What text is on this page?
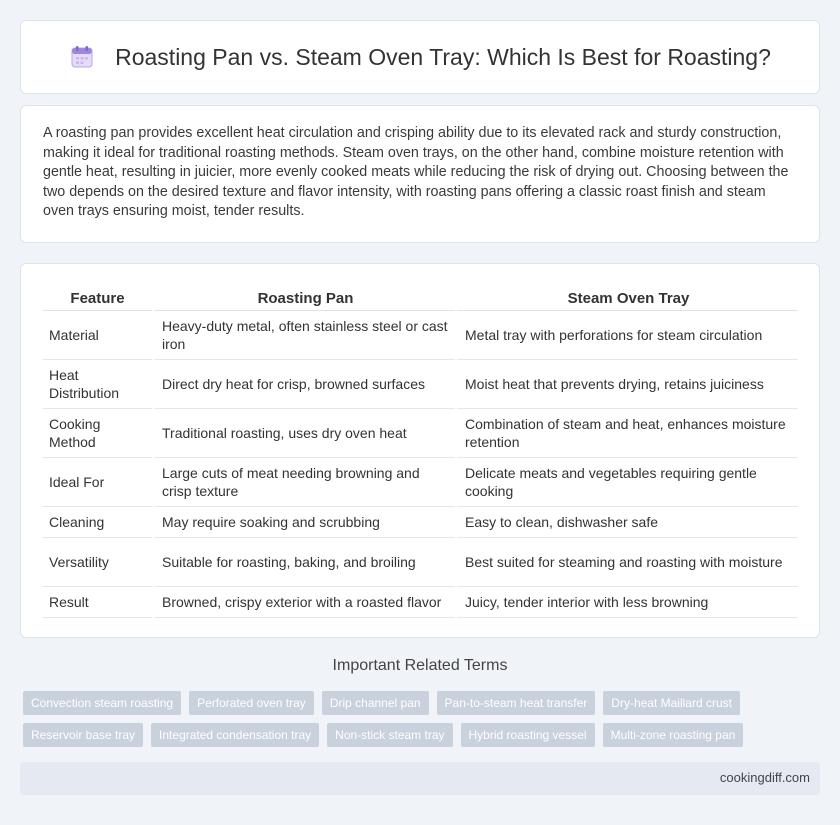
Roasting Pan vs. Steam Oven Tray: Which Is Best for Roasting?

A roasting pan provides excellent heat circulation and crisping ability due to its elevated rack and sturdy construction, making it ideal for traditional roasting methods. Steam oven trays, on the other hand, combine moisture retention with gentle heat, resulting in juicier, more evenly cooked meats while reducing the risk of drying out. Choosing between the two depends on the desired texture and flavor intensity, with roasting pans offering a classic roast finish and steam oven trays ensuring moist, tender results.

Feature	Roasting Pan	Steam Oven Tray
Material	Heavy-duty metal, often stainless steel or cast iron	Metal tray with perforations for steam circulation
Heat Distribution	Direct dry heat for crisp, browned surfaces	Moist heat that prevents drying, retains juiciness
Cooking Method	Traditional roasting, uses dry oven heat	Combination of steam and heat, enhances moisture retention
Ideal For	Large cuts of meat needing browning and crisp texture	Delicate meats and vegetables requiring gentle cooking
Cleaning	May require soaking and scrubbing	Easy to clean, dishwasher safe
Versatility	Suitable for roasting, baking, and broiling	Best suited for steaming and roasting with moisture
Result	Browned, crispy exterior with a roasted flavor	Juicy, tender interior with less browning
Important Related Terms
Convection steam roasting	Perforated oven tray	Drip channel pan	Pan-to-steam heat transfer	Dry-heat Maillard crust
Reservoir base tray	Integrated condensation tray	Non-stick steam tray	Hybrid roasting vessel	Multi-zone roasting pan
cookingdiff.com
